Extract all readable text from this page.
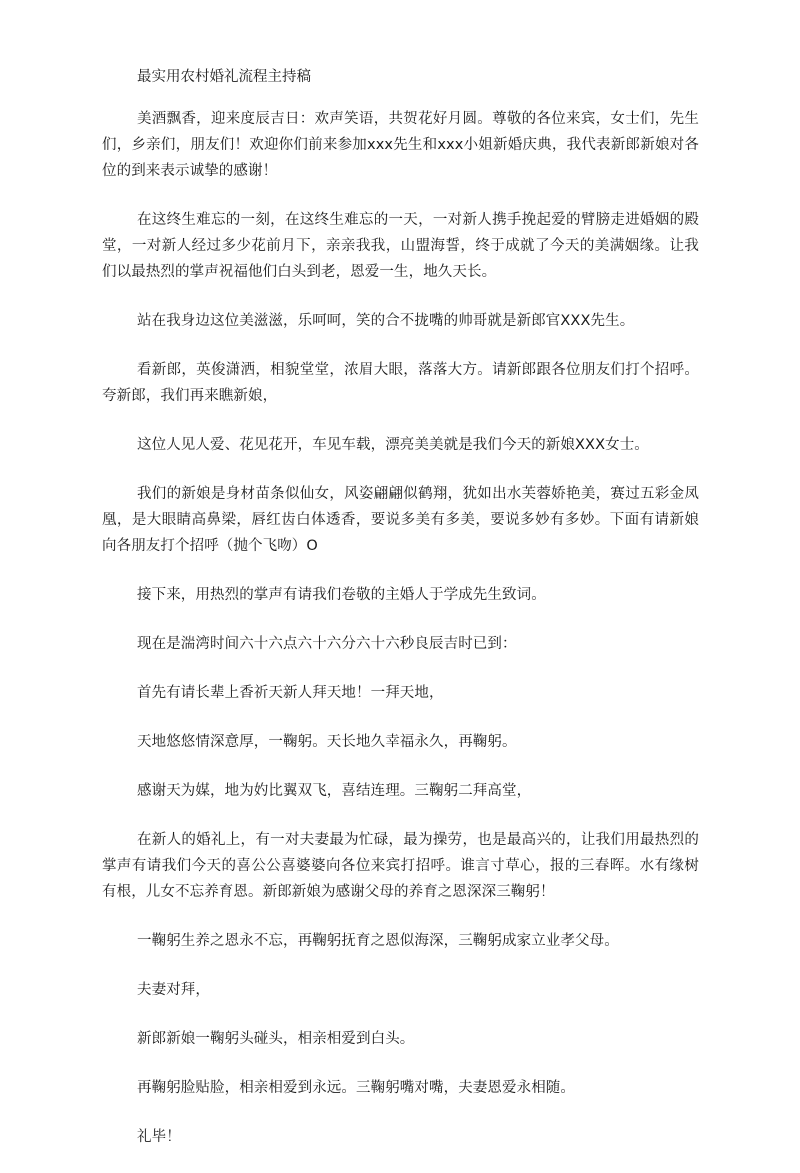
最实用农村婚礼流程主持稿

美酒飘香，迎来度辰吉日：欢声笑语，共贺花好月圆。尊敬的各位来宾，女士们，先生们，乡亲们，朋友们！欢迎你们前来参加xxx先生和xxx小姐新婚庆典，我代表新郎新娘对各位的到来表示诚挚的感谢！

在这终生难忘的一刻，在这终生难忘的一天，一对新人携手挽起爱的臂膀走进婚姻的殿堂，一对新人经过多少花前月下，亲亲我我，山盟海誓，终于成就了今天的美满姻缘。让我们以最热烈的掌声祝福他们白头到老，恩爱一生，地久天长。

站在我身边这位美滋滋，乐呵呵，笑的合不拢嘴的帅哥就是新郎官XXX先生。

看新郎，英俊潇洒，相貌堂堂，浓眉大眼，落落大方。请新郎跟各位朋友们打个招呼。夸新郎，我们再来瞧新娘，

这位人见人爱、花见花开，车见车载，漂亮美美就是我们今天的新娘XXX女士。

我们的新娘是身材苗条似仙女，风姿翩翩似鹤翔，犹如出水芙蓉娇艳美，赛过五彩金凤凰，是大眼睛高鼻梁，唇红齿白体透香，要说多美有多美，要说多妙有多妙。下面有请新娘向各朋友打个招呼（抛个飞吻）O

接下来，用热烈的掌声有请我们卷敬的主婚人于学成先生致词。

现在是湍湾时间六十六点六十六分六十六秒良辰吉时已到：

首先有请长辈上香祈天新人拜天地！一拜天地，

天地悠悠情深意厚，一鞠躬。天长地久幸福永久，再鞠躬。

感谢天为媒，地为妁比翼双飞，喜结连理。三鞠躬二拜高堂，

在新人的婚礼上，有一对夫妻最为忙碌，最为操劳，也是最高兴的，让我们用最热烈的掌声有请我们今天的喜公公喜婆婆向各位来宾打招呼。谁言寸草心，报的三春晖。水有缘树有根，儿女不忘养育恩。新郎新娘为感谢父母的养育之恩深深三鞠躬！

一鞠躬生养之恩永不忘，再鞠躬抚育之恩似海深，三鞠躬成家立业孝父母。

夫妻对拜，

新郎新娘一鞠躬头碰头，相亲相爱到白头。

再鞠躬脸贴脸，相亲相爱到永远。三鞠躬嘴对嘴，夫妻恩爱永相随。

礼毕！
